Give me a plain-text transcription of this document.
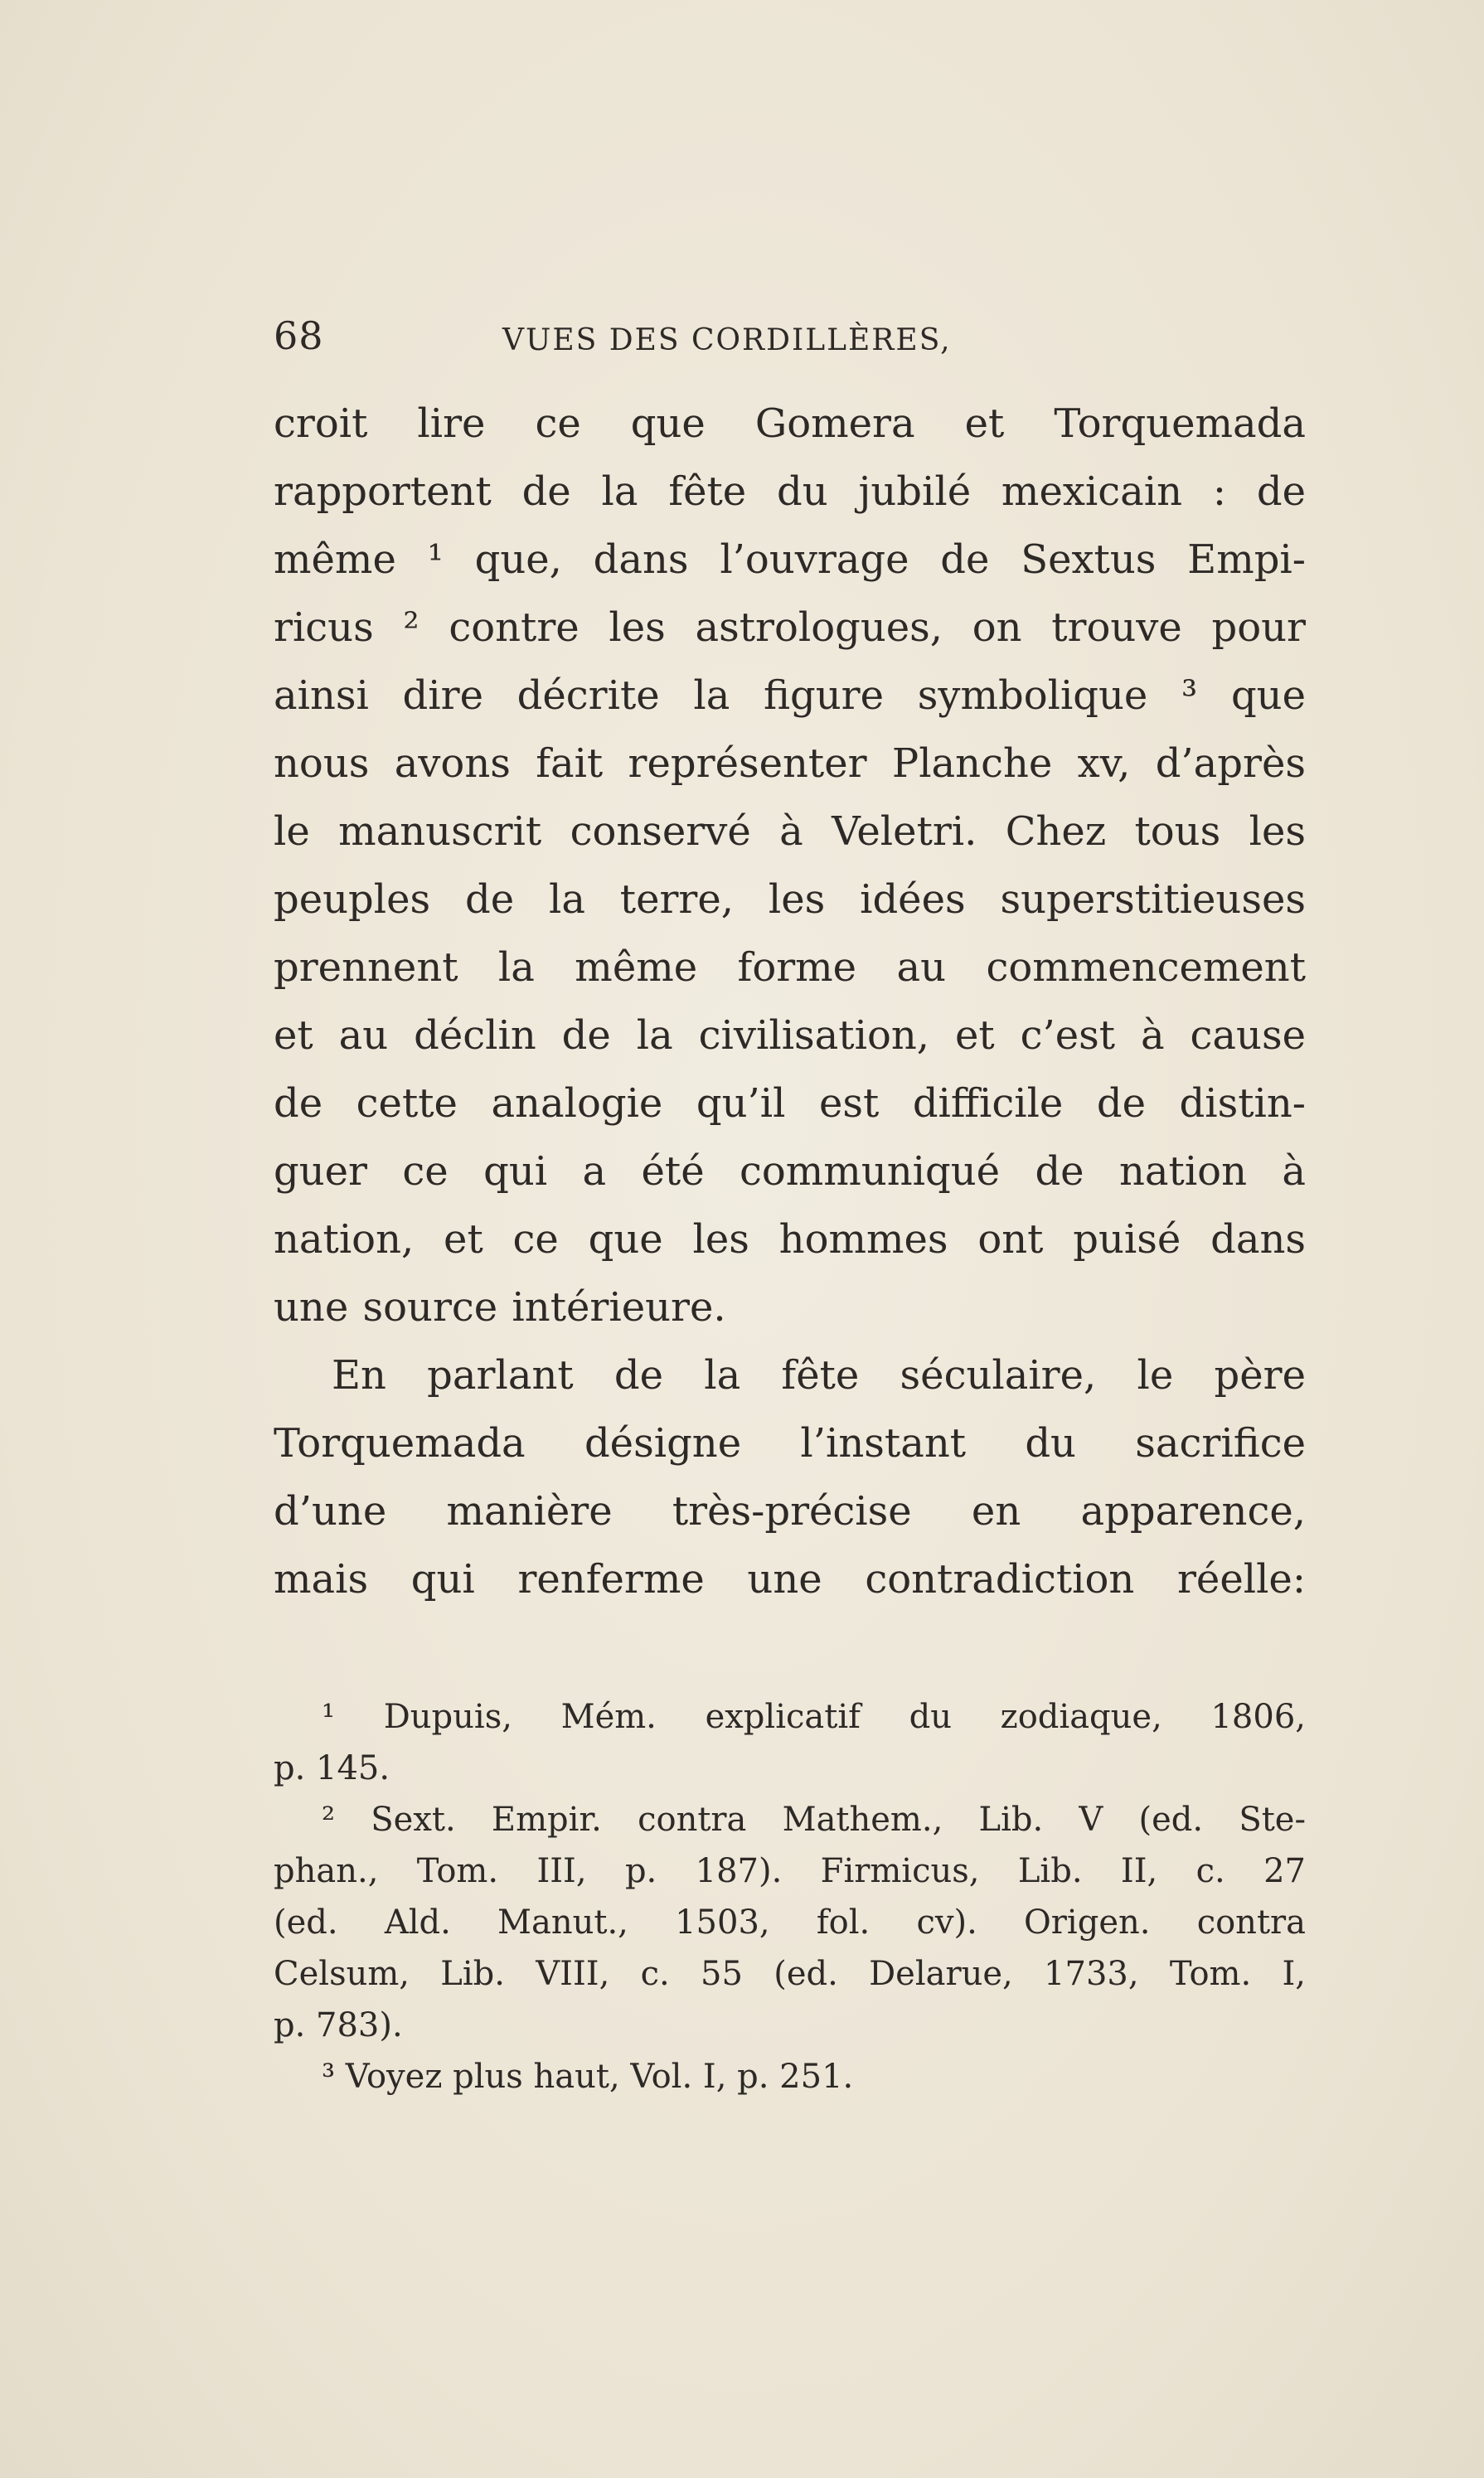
68	VUES DES CORDILLÈRES,
croit lire ce que Gomera et Torquemada
rapportent de la fête du jubilé mexicain : de
même ¹ que, dans l’ouvrage de Sextus Empi-
ricus ² contre les astrologues, on trouve pour
ainsi dire décrite la figure symbolique ³ que
nous avons fait représenter Planche xv, d’après
le manuscrit conservé à Veletri. Chez tous les
peuples de la terre, les idées superstitieuses
prennent la même forme au commencement
et au déclin de la civilisation, et c’est à cause
de cette analogie qu’il est difficile de distin-
guer ce qui a été communiqué de nation à
nation, et ce que les hommes ont puisé dans
une source intérieure.
En parlant de la fête séculaire, le père
Torquemada désigne l’instant du sacrifice
d’une manière très-précise en apparence,
mais qui renferme une contradiction réelle:
¹ Dupuis, Mém. explicatif du zodiaque, 1806,
p. 145.
² Sext. Empir. contra Mathem., Lib. V (ed. Ste-
phan., Tom. III, p. 187). Firmicus, Lib. II, c. 27
(ed. Ald. Manut., 1503, fol. cv). Origen. contra
Celsum, Lib. VIII, c. 55 (ed. Delarue, 1733, Tom. I,
p. 783).
³ Voyez plus haut, Vol. I, p. 251.
